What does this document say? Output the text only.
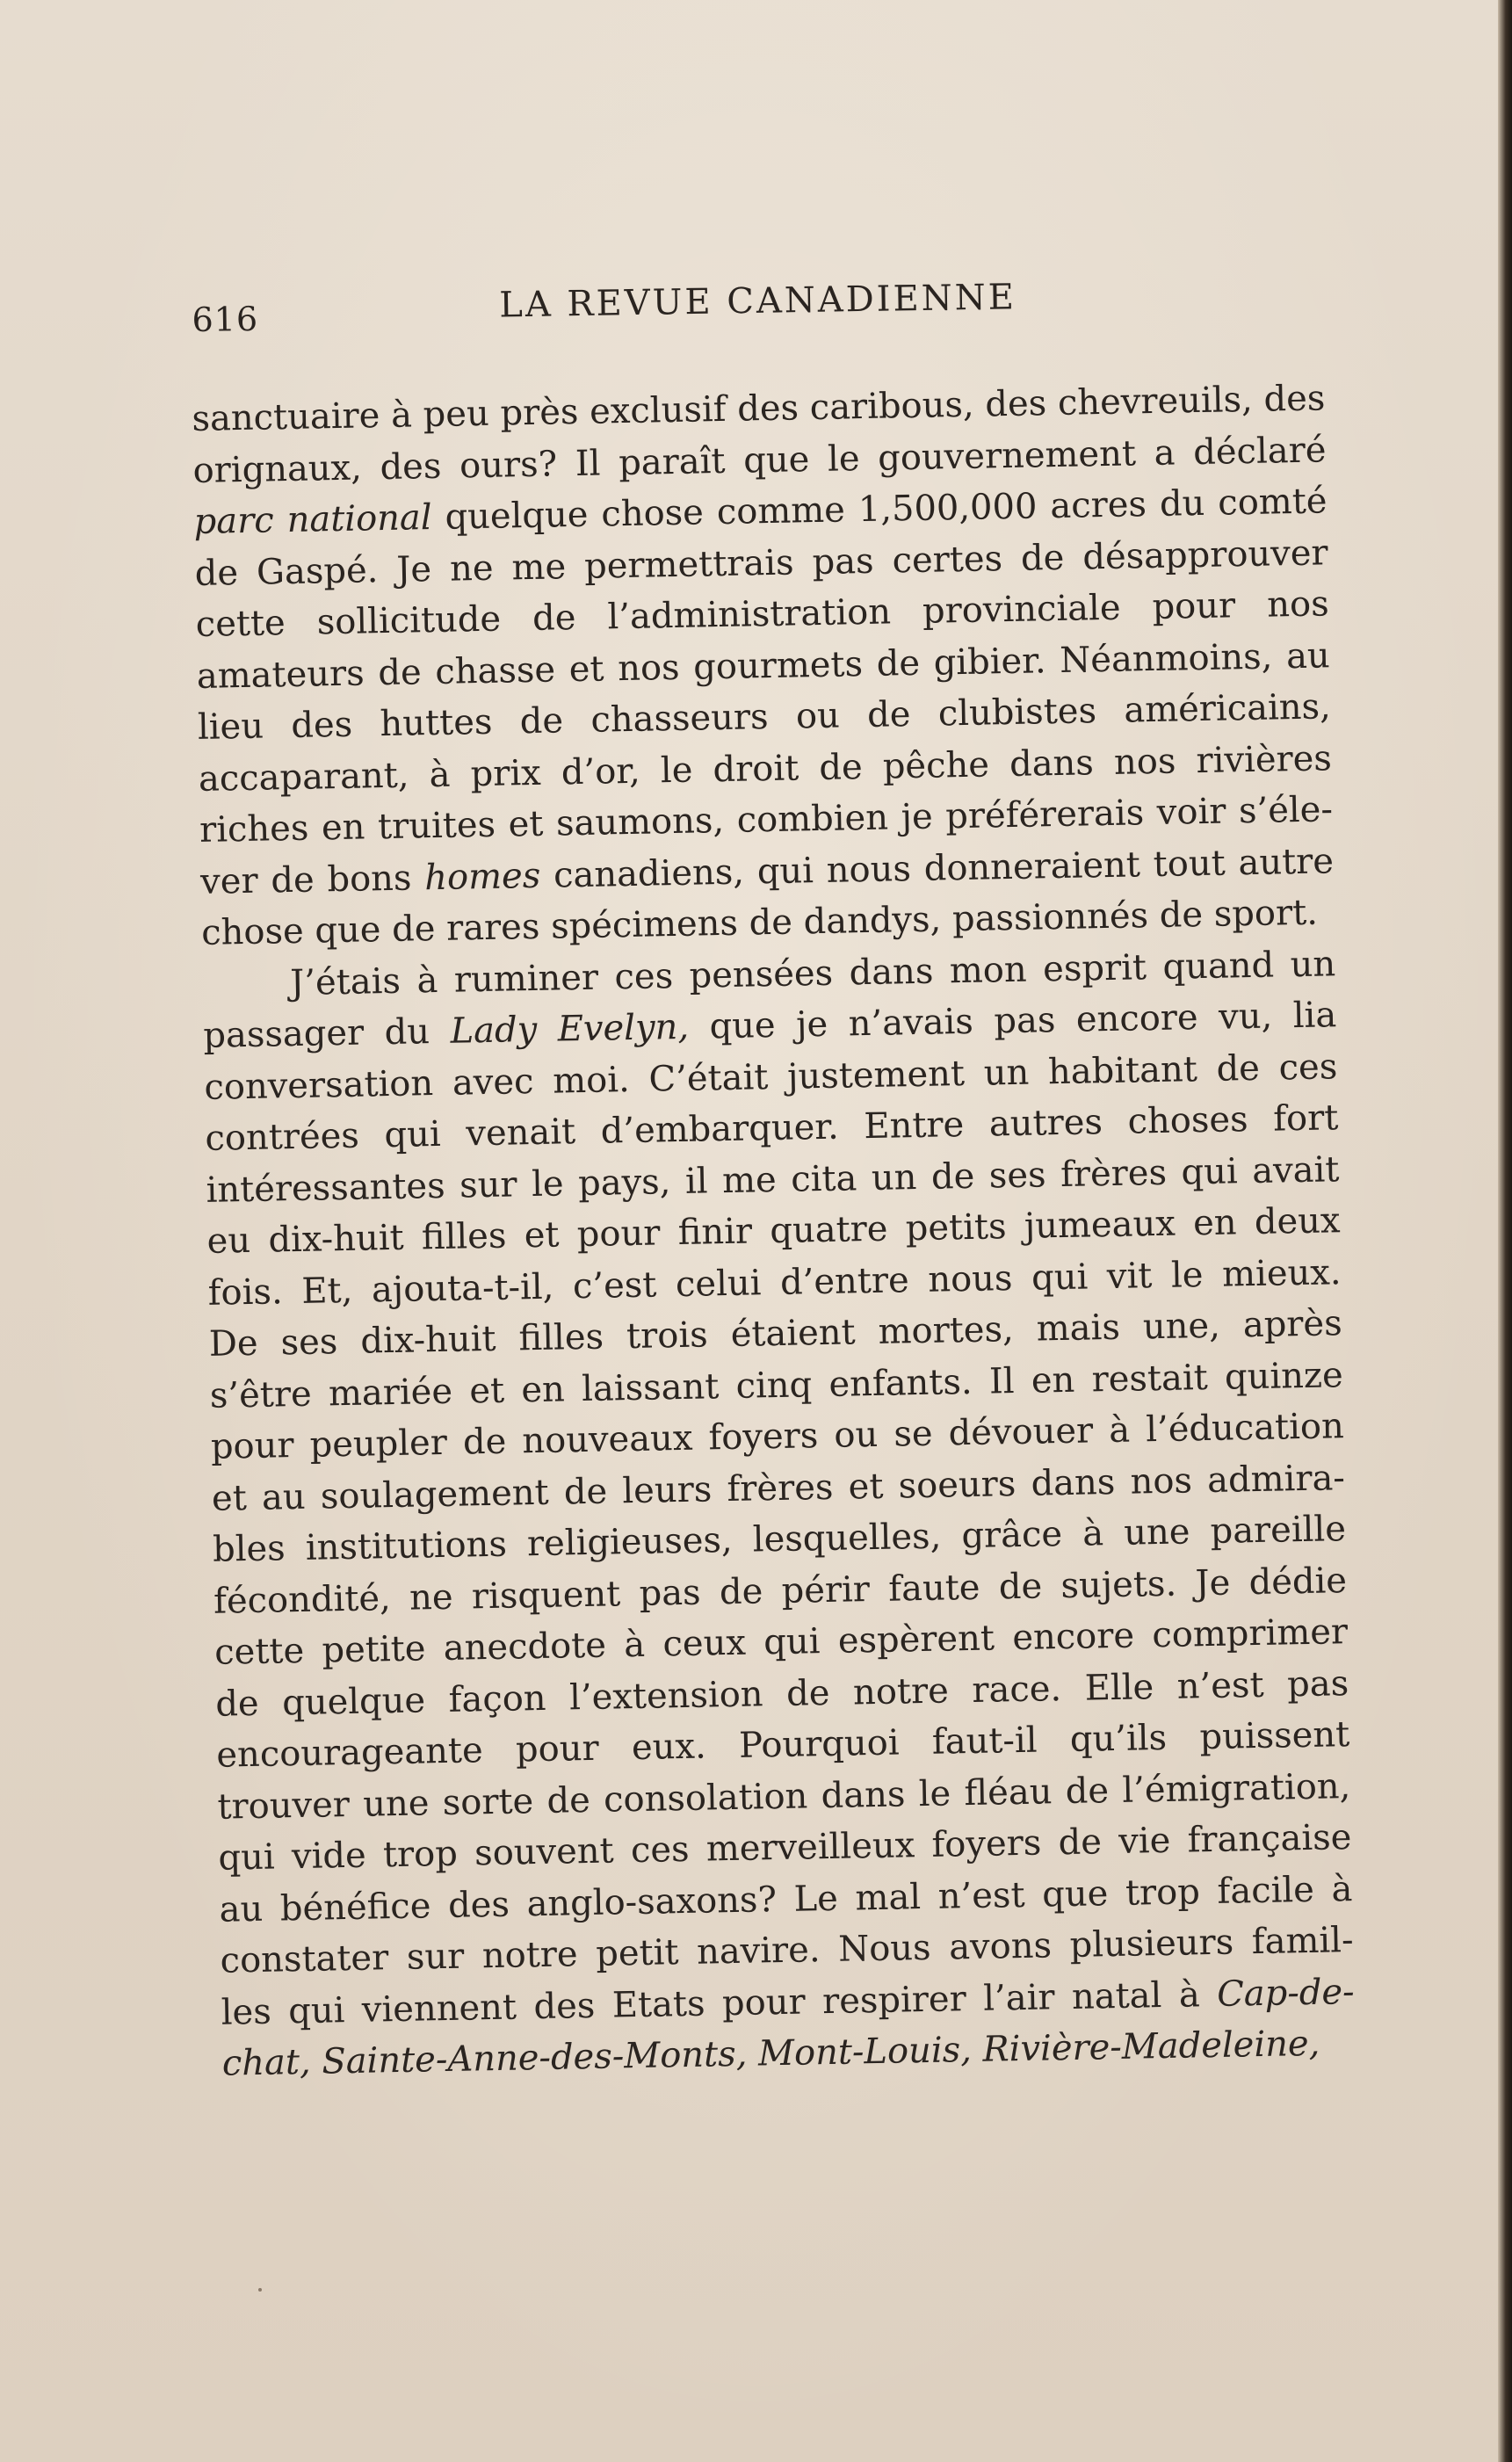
616	LA REVUE CANADIENNE
sanctuaire à peu près exclusif des caribous, des chevreuils, des
orignaux, des ours? Il paraît que le gouvernement a déclaré
parc national quelque chose comme 1,500,000 acres du comté
de Gaspé. Je ne me permettrais pas certes de désapprouver
cette sollicitude de l’administration provinciale pour nos
amateurs de chasse et nos gourmets de gibier. Néanmoins, au
lieu des huttes de chasseurs ou de clubistes américains,
accaparant, à prix d’or, le droit de pêche dans nos rivières
riches en truites et saumons, combien je préférerais voir s’éle-
ver de bons homes canadiens, qui nous donneraient tout autre
chose que de rares spécimens de dandys, passionnés de sport.
J’étais à ruminer ces pensées dans mon esprit quand un
passager du Lady Evelyn, que je n’avais pas encore vu, lia
conversation avec moi. C’était justement un habitant de ces
contrées qui venait d’embarquer. Entre autres choses fort
intéressantes sur le pays, il me cita un de ses frères qui avait
eu dix-huit filles et pour finir quatre petits jumeaux en deux
fois. Et, ajouta-t-il, c’est celui d’entre nous qui vit le mieux.
De ses dix-huit filles trois étaient mortes, mais une, après
s’être mariée et en laissant cinq enfants. Il en restait quinze
pour peupler de nouveaux foyers ou se dévouer à l’éducation
et au soulagement de leurs frères et soeurs dans nos admira-
bles institutions religieuses, lesquelles, grâce à une pareille
fécondité, ne risquent pas de périr faute de sujets. Je dédie
cette petite anecdote à ceux qui espèrent encore comprimer
de quelque façon l’extension de notre race. Elle n’est pas
encourageante pour eux. Pourquoi faut-il qu’ils puissent
trouver une sorte de consolation dans le fléau de l’émigration,
qui vide trop souvent ces merveilleux foyers de vie française
au bénéfice des anglo-saxons? Le mal n’est que trop facile à
constater sur notre petit navire. Nous avons plusieurs famil-
les qui viennent des Etats pour respirer l’air natal à Cap-de-
chat, Sainte-Anne-des-Monts, Mont-Louis, Rivière-Madeleine,
